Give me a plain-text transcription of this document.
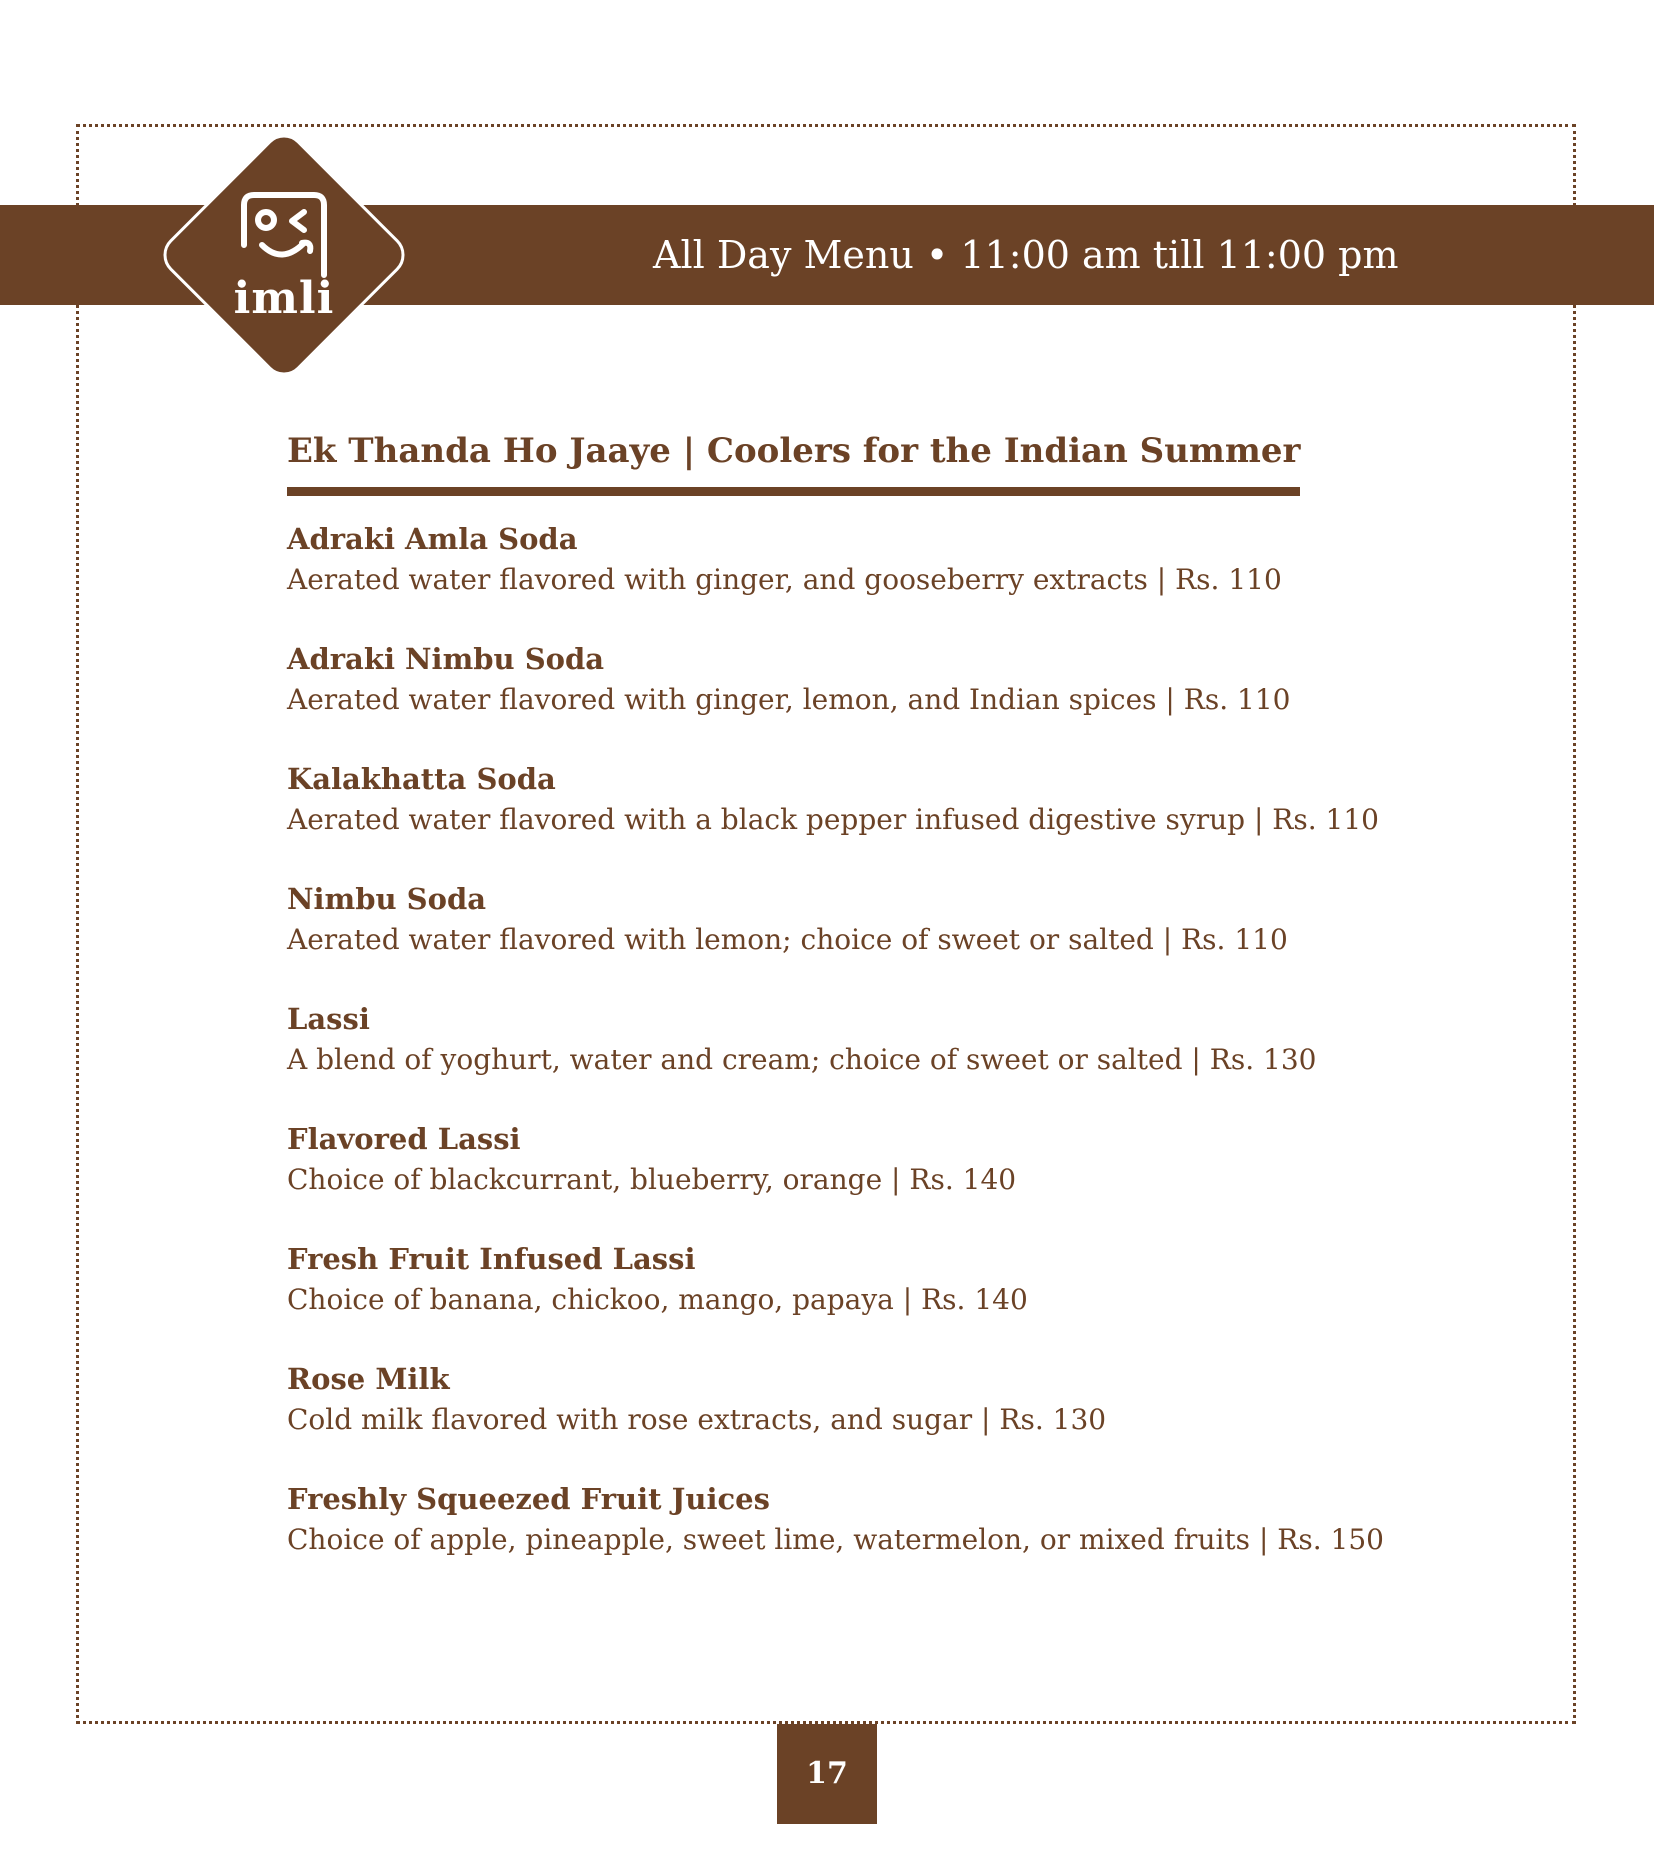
imli
All Day Menu • 11:00 am till 11:00 pm
Ek Thanda Ho Jaaye | Coolers for the Indian Summer
Adraki Amla Soda
Aerated water flavored with ginger, and gooseberry extracts | Rs. 110
Adraki Nimbu Soda
Aerated water flavored with ginger, lemon, and Indian spices | Rs. 110
Kalakhatta Soda
Aerated water flavored with a black pepper infused digestive syrup | Rs. 110
Nimbu Soda
Aerated water flavored with lemon; choice of sweet or salted | Rs. 110
Lassi
A blend of yoghurt, water and cream; choice of sweet or salted | Rs. 130
Flavored Lassi
Choice of blackcurrant, blueberry, orange | Rs. 140
Fresh Fruit Infused Lassi
Choice of banana, chickoo, mango, papaya | Rs. 140
Rose Milk
Cold milk flavored with rose extracts, and sugar | Rs. 130
Freshly Squeezed Fruit Juices
Choice of apple, pineapple, sweet lime, watermelon, or mixed fruits | Rs. 150
17
